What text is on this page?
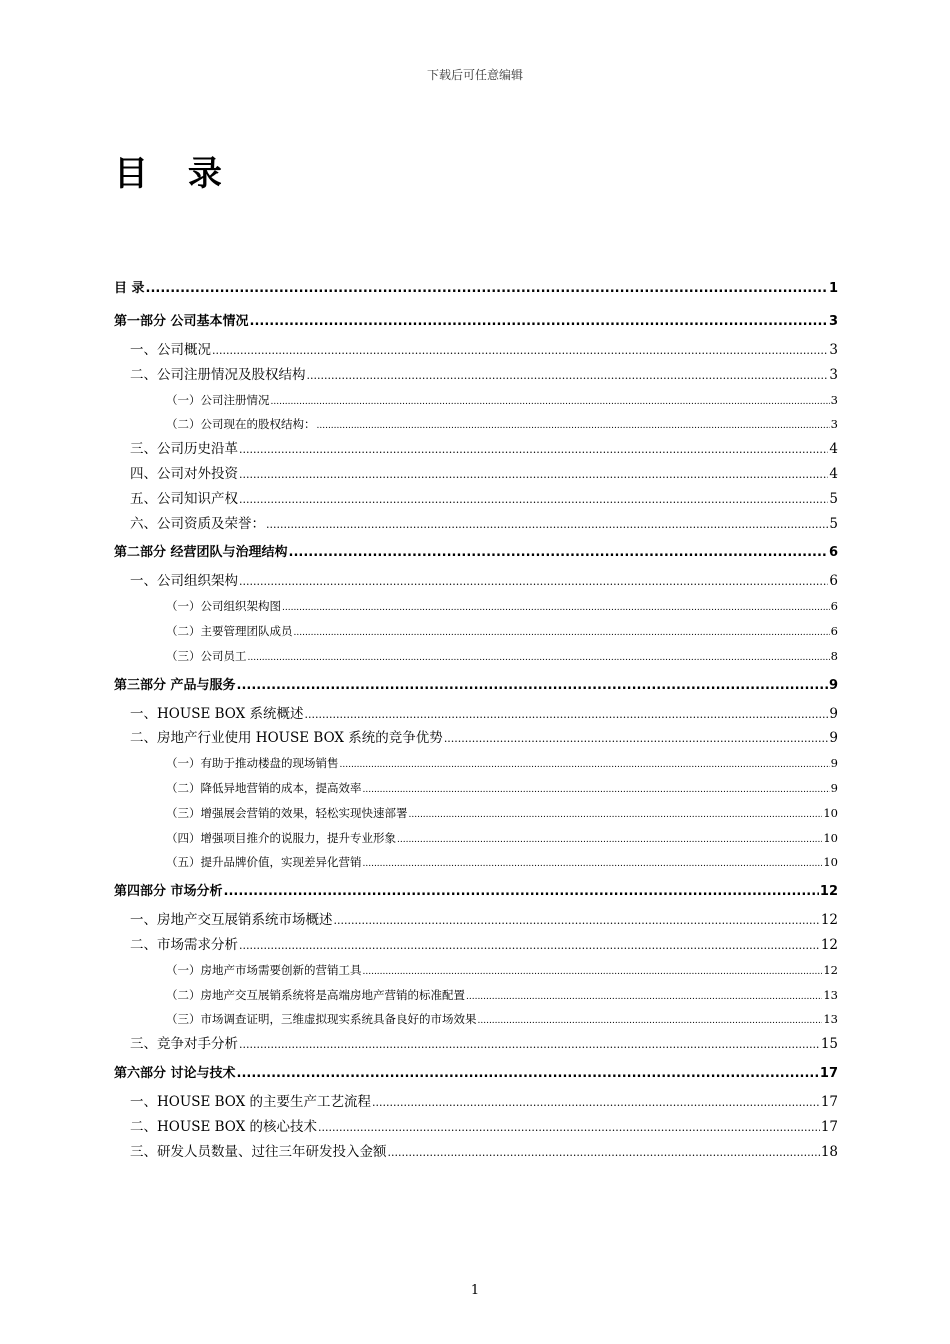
下载后可任意编辑
目 录
目 录 .....	1
第一部分 公司基本情况 .....	3
一、公司概况 .....	3
二、公司注册情况及股权结构 .....	3
（一）公司注册情况 .....	3
（二）公司现在的股权结构： .....	3
三、公司历史沿革 .....	4
四、公司对外投资 .....	4
五、公司知识产权 .....	5
六、公司资质及荣誉： .....	5
第二部分 经营团队与治理结构 .....	6
一、公司组织架构 .....	6
（一）公司组织架构图 .....	6
（二）主要管理团队成员 .....	6
（三）公司员工 .....	8
第三部分 产品与服务 .....	9
一、HOUSE BOX 系统概述 .....	9
二、房地产行业使用 HOUSE BOX 系统的竞争优势 .....	9
（一）有助于推动楼盘的现场销售 .....	9
（二）降低异地营销的成本，提高效率 .....	9
（三）增强展会营销的效果，轻松实现快速部署 .....	10
（四）增强项目推介的说服力，提升专业形象 .....	10
（五）提升品牌价值，实现差异化营销 .....	10
第四部分 市场分析 .....	12
一、房地产交互展销系统市场概述 .....	12
二、市场需求分析 .....	12
（一）房地产市场需要创新的营销工具 .....	12
（二）房地产交互展销系统将是高端房地产营销的标准配置 .....	13
（三）市场调查证明，三维虚拟现实系统具备良好的市场效果 .....	13
三、竞争对手分析 .....	15
第六部分 讨论与技术 .....	17
一、HOUSE BOX 的主要生产工艺流程 .....	17
二、HOUSE BOX 的核心技术 .....	17
三、研发人员数量、过往三年研发投入金额 .....	18
1
